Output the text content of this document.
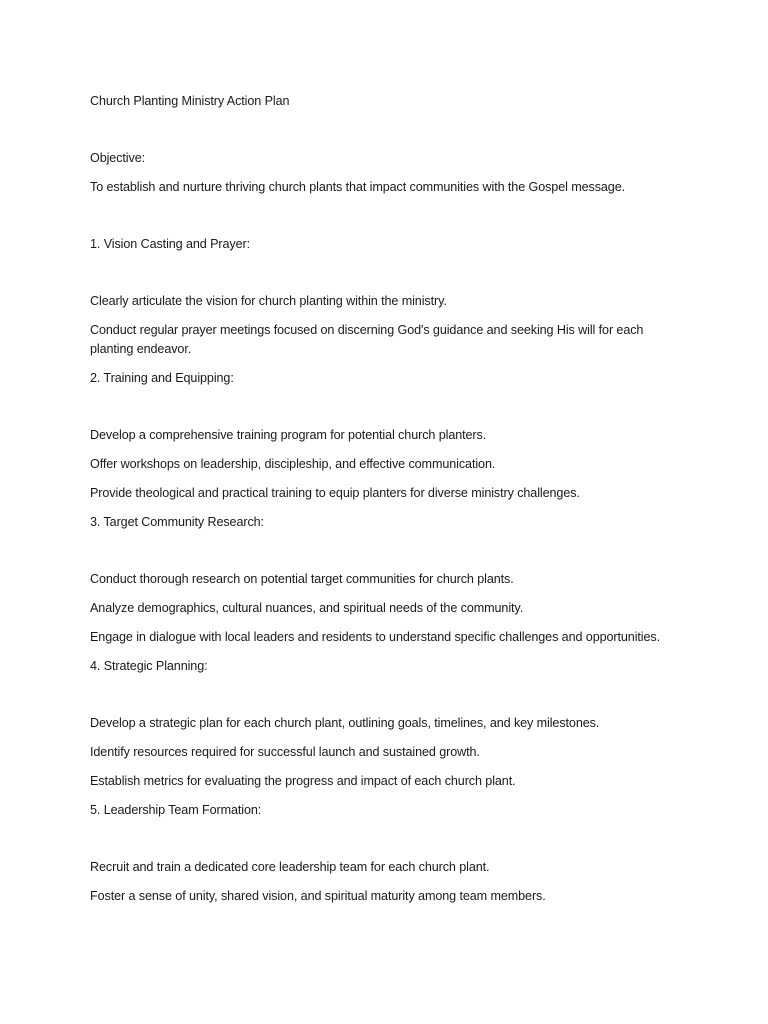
Church Planting Ministry Action Plan

Objective:

To establish and nurture thriving church plants that impact communities with the Gospel message.

1. Vision Casting and Prayer:

Clearly articulate the vision for church planting within the ministry.

Conduct regular prayer meetings focused on discerning God's guidance and seeking His will for each planting endeavor.

2. Training and Equipping:

Develop a comprehensive training program for potential church planters.

Offer workshops on leadership, discipleship, and effective communication.

Provide theological and practical training to equip planters for diverse ministry challenges.

3. Target Community Research:

Conduct thorough research on potential target communities for church plants.

Analyze demographics, cultural nuances, and spiritual needs of the community.

Engage in dialogue with local leaders and residents to understand specific challenges and opportunities.

4. Strategic Planning:

Develop a strategic plan for each church plant, outlining goals, timelines, and key milestones.

Identify resources required for successful launch and sustained growth.

Establish metrics for evaluating the progress and impact of each church plant.

5. Leadership Team Formation:

Recruit and train a dedicated core leadership team for each church plant.

Foster a sense of unity, shared vision, and spiritual maturity among team members.
